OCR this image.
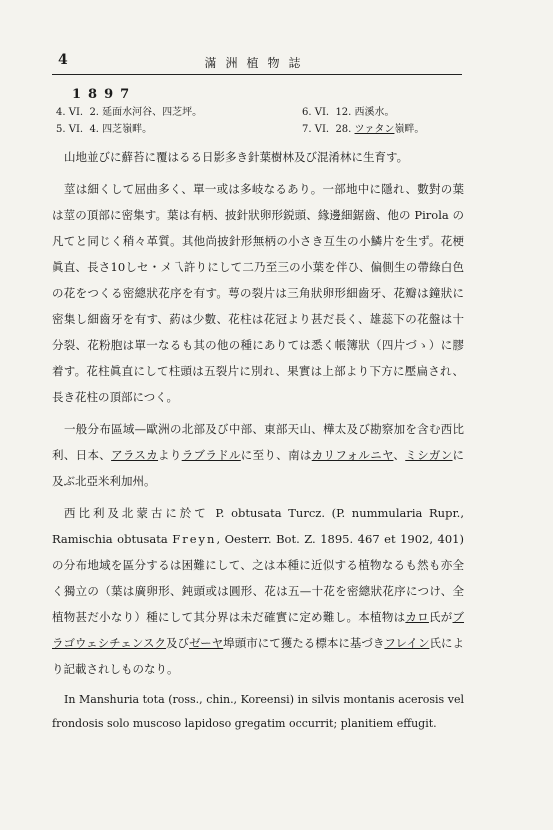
4	滿洲植物誌
1897
4. VI. 2. 延面水河谷、四芝坪。
5. VI. 4. 四芝嶺畔。
6. VI. 12. 西溪水。
7. VI. 28. ツァタン嶺畔。

山地並びに蘚苔に覆はるる日影多き針葉樹林及び混淆林に生育す。

莖は細くして屈曲多く、單一或は多岐なるあり。一部地中に隱れ、數對の葉は莖の頂部に密集す。葉は有柄、披針狀卵形鋭頭、緣邊細鋸齒、他の Pirola の凡てと同じく稍々革質。其他尚披針形無柄の小さき互生の小鱗片を生ず。花梗眞直、長さ10しセ・メ乁許りにして二乃至三の小葉を伴ひ、偏側生の帶綠白色の花をつくる密總狀花序を有す。萼の裂片は三角狀卵形細齒牙、花瓣は鐘狀に密集し細齒牙を有す、葯は少數、花柱は花冠より甚だ長く、雄蕊下の花盤は十分裂、花粉胞は單一なるも其の他の種にありては悉く帳簿狀（四片づゝ）に膠着す。花柱眞直にして柱頭は五裂片に別れ、果實は上部より下方に壓扁され、長き花柱の頂部につく。

一般分布區域—歐洲の北部及び中部、東部天山、樺太及び勘察加を含む西比利、日本、アラスカよりラブラドルに至り、南はカリフォルニヤ、ミシガンに及ぶ北亞米利加州。

西比利及北蒙古に於て P. obtusata Turcz. (P. nummularia Rupr., Ramischia obtusata Freyn, Oesterr. Bot. Z. 1895. 467 et 1902, 401) の分布地域を區分するは困難にして、之は本種に近似する植物なるも然も亦全く獨立の（葉は廣卵形、鈍頭或は圓形、花は五—十花を密總狀花序につけ、全植物甚だ小なり）種にして其分界は未だ確實に定め難し。本植物はカロ氏がブラゴウェシチェンスク及びゼーヤ埠頭市にて獲たる標本に基づきフレイン氏により記載されしものなり。

In Manshuria tota (ross., chin., Koreensi) in silvis montanis acerosis vel frondosis solo muscoso lapidoso gregatim occurrit; planitiem effugit.
